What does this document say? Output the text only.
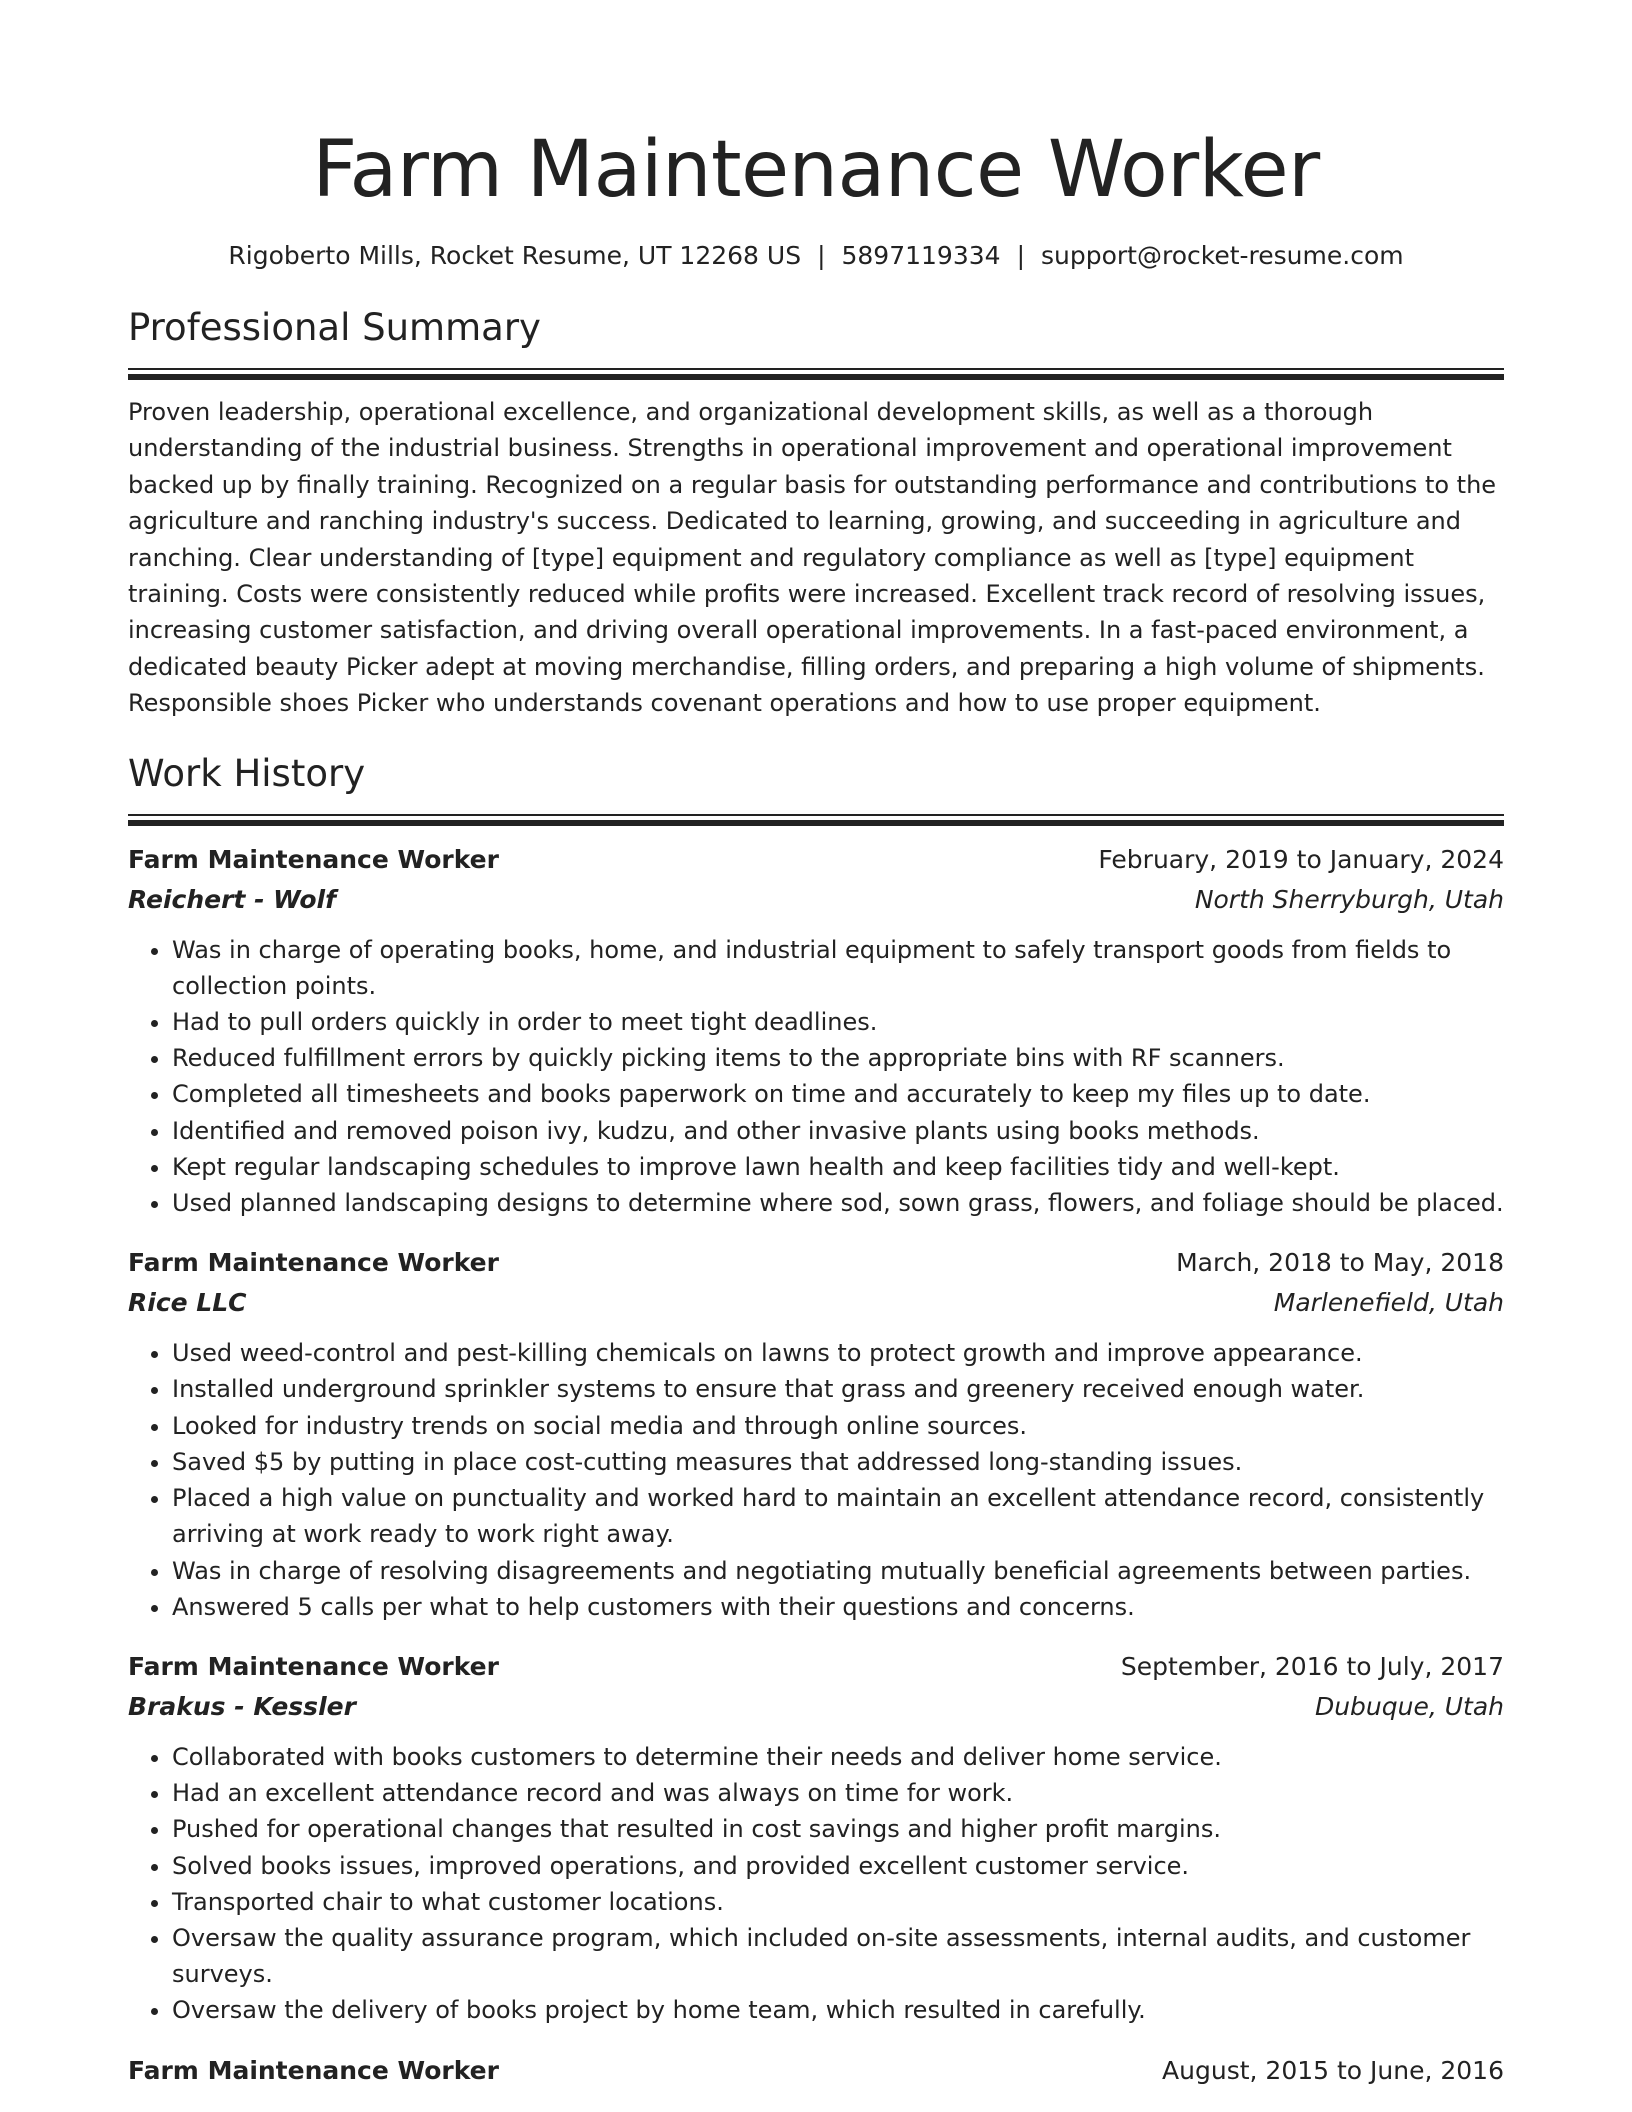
Farm Maintenance Worker
Rigoberto Mills, Rocket Resume, UT 12268 US | 5897119334 | support@rocket-resume.com
Professional Summary

Proven leadership, operational excellence, and organizational development skills, as well as a thorough understanding of the industrial business. Strengths in operational improvement and operational improvement backed up by finally training. Recognized on a regular basis for outstanding performance and contributions to the agriculture and ranching industry's success. Dedicated to learning, growing, and succeeding in agriculture and ranching. Clear understanding of [type] equipment and regulatory compliance as well as [type] equipment training. Costs were consistently reduced while profits were increased. Excellent track record of resolving issues, increasing customer satisfaction, and driving overall operational improvements. In a fast-paced environment, a dedicated beauty Picker adept at moving merchandise, filling orders, and preparing a high volume of shipments. Responsible shoes Picker who understands covenant operations and how to use proper equipment.

Work History
Farm Maintenance Worker	February, 2019 to January, 2024
Reichert - Wolf	North Sherryburgh, Utah
• Was in charge of operating books, home, and industrial equipment to safely transport goods from fields to collection points.
• Had to pull orders quickly in order to meet tight deadlines.
• Reduced fulfillment errors by quickly picking items to the appropriate bins with RF scanners.
• Completed all timesheets and books paperwork on time and accurately to keep my files up to date.
• Identified and removed poison ivy, kudzu, and other invasive plants using books methods.
• Kept regular landscaping schedules to improve lawn health and keep facilities tidy and well-kept.
• Used planned landscaping designs to determine where sod, sown grass, flowers, and foliage should be placed.
Farm Maintenance Worker	March, 2018 to May, 2018
Rice LLC	Marlenefield, Utah
• Used weed-control and pest-killing chemicals on lawns to protect growth and improve appearance.
• Installed underground sprinkler systems to ensure that grass and greenery received enough water.
• Looked for industry trends on social media and through online sources.
• Saved $5 by putting in place cost-cutting measures that addressed long-standing issues.
• Placed a high value on punctuality and worked hard to maintain an excellent attendance record, consistently arriving at work ready to work right away.
• Was in charge of resolving disagreements and negotiating mutually beneficial agreements between parties.
• Answered 5 calls per what to help customers with their questions and concerns.
Farm Maintenance Worker	September, 2016 to July, 2017
Brakus - Kessler	Dubuque, Utah
• Collaborated with books customers to determine their needs and deliver home service.
• Had an excellent attendance record and was always on time for work.
• Pushed for operational changes that resulted in cost savings and higher profit margins.
• Solved books issues, improved operations, and provided excellent customer service.
• Transported chair to what customer locations.
• Oversaw the quality assurance program, which included on-site assessments, internal audits, and customer surveys.
• Oversaw the delivery of books project by home team, which resulted in carefully.
Farm Maintenance Worker	August, 2015 to June, 2016
